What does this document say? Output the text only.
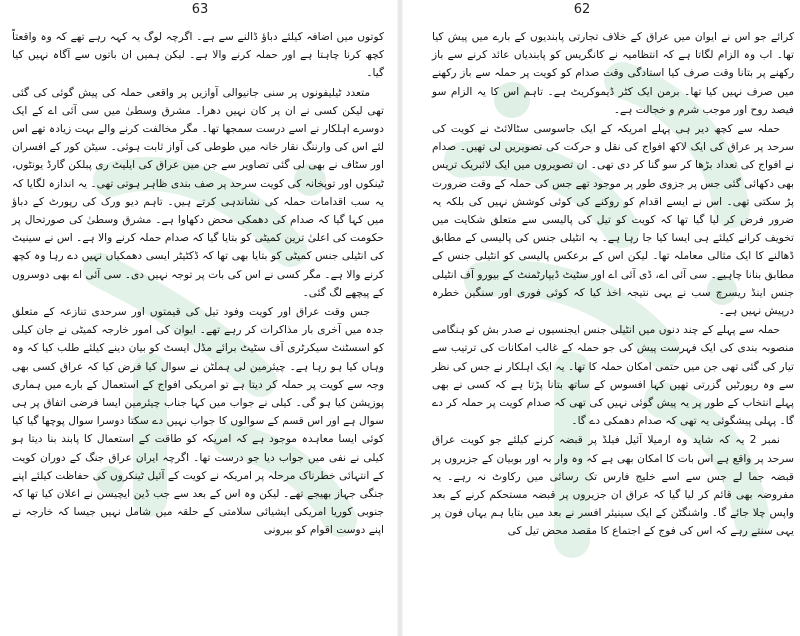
63

کوتوں میں اضافہ کیلئے دباؤ ڈالنے سے ہے۔ اگرچہ لوگ یہ کہہ رہے تھے کہ وہ واقعتاً کچھ کرنا چاہتا ہے اور حملہ کرنے والا ہے۔ لیکن ہمیں ان باتوں سے آگاہ نہیں کیا گیا۔

متعدد ٹیلیفونوں پر سنی جانیوالی آوازیں پر واقعی حملہ کی پیش گوئی کی گئی تھی لیکن کسی نے ان پر کان نہیں دھرا۔ مشرق وسطیٰ میں سی آئی اے کے ایک دوسرے اہلکار نے اسے درست سمجھا تھا۔ مگر مخالفت کرنے والے بہت زیادہ تھے اس لئے اس کی وارننگ نقار خانہ میں طوطی کی آواز ثابت ہوئی۔ سیٹن کور کے افسران اور سٹاف نے بھی لی گئی تصاویر سے جن میں عراق کی ایلیٹ ری پبلکن گارڈ یونٹوں، ٹینکوں اور توپخانہ کی کویت سرحد پر صف بندی ظاہر ہوتی تھی۔ یہ اندازہ لگایا کہ یہ سب اقدامات حملہ کی نشاندہی کرتے ہیں۔ تاہم دیو ورک کی رپورٹ کے دباؤ میں کہا گیا کہ صدام کی دھمکی محض دکھاوا ہے۔ مشرق وسطیٰ کی صورتحال پر حکومت کی اعلیٰ ترین کمیٹی کو بتایا گیا کہ صدام حملہ کرنے والا ہے۔ اس نے سینیٹ کی انٹیلی جنس کمیٹی کو بتایا بھی تھا کہ ڈکٹیٹر ایسی دھمکیاں نہیں دے رہا وہ کچھ کرنے والا ہے۔ مگر کسی نے اس کی بات پر توجہ نہیں دی۔ سی آئی اے بھی دوسروں کے پیچھے لگ گئی۔

جس وقت عراق اور کویت وفود تیل کی قیمتوں اور سرحدی تنازعہ کے متعلق جدہ میں آخری بار مذاکرات کر رہے تھے۔ ایوان کی امور خارجہ کمیٹی نے جان کیلی کو اسسٹنٹ سیکرٹری آف سٹیٹ برائے مڈل ایسٹ کو بیان دینے کیلئے طلب کیا کہ وہ وہاں کیا ہو رہا ہے۔ چیئرمین لی ہملٹن نے سوال کیا فرض کیا کہ عراق کسی بھی وجہ سے کویت پر حملہ کر دیتا ہے تو امریکی افواج کے استعمال کے بارے میں ہماری پوزیشن کیا ہو گی۔ کیلی نے جواب میں کہا جناب چیئرمین ایسا فرضی اتفاق پر ہی سوال ہے اور اس قسم کے سوالوں کا جواب نہیں دے سکتا دوسرا سوال پوچھا گیا کیا کوئی ایسا معاہدہ موجود ہے کہ امریکہ کو طاقت کے استعمال کا پابند بنا دیتا ہو کیلی نے نفی میں جواب دیا جو درست تھا۔ اگرچہ ایران عراق جنگ کے دوران کویت کے انتہائی خطرناک مرحلہ پر امریکہ نے کویت کے آئیل ٹینکروں کی حفاظت کیلئے اپنے جنگی جہاز بھیجے تھے۔ لیکن وہ اس کے بعد سے جب ڈین ایچیسن نے اعلان کیا تھا کہ جنوبی کوریا امریکی ایشیائی سلامتی کے حلقہ میں شامل نہیں جیسا کہ خارجہ نے اپنے دوست اقوام کو بیرونی

62

کرائے جو اس نے ایوان میں عراق کے خلاف تجارتی پابندیوں کے بارے میں پیش کیا تھا۔ اب وہ الزام لگاتا ہے کہ انتظامیہ نے کانگریس کو پابندیاں عائد کرنے سے باز رکھنے پر بتانا وقت صرف کیا استادگی وقت صدام کو کویت پر حملہ سے باز رکھنے میں صرف نہیں کیا تھا۔ برمن ایک کٹر ڈیموکریٹ ہے۔ تاہم اس کا یہ الزام سو فیصد روح اور موجب شرم و خجالت ہے۔

حملہ سے کچھ دیر ہی پہلے امریکہ کے ایک جاسوسی سٹالائٹ نے کویت کی سرحد پر عراق کی ایک لاکھ افواج کی نقل و حرکت کی تصویریں لی تھیں۔ صدام نے افواج کی تعداد بڑھا کر سو گنا کر دی تھی۔ ان تصویروں میں ایک لائبریک تریس بھی دکھائی گئی جس پر جزوی طور پر موجود تھے جس کی حملہ کے وقت ضرورت پڑ سکتی تھی۔ اس نے ایسے اقدام کو روکنے کی کوئی کوشش نہیں کی بلکہ یہ ضرور فرض کر لیا گیا تھا کہ کویت کو تیل کی پالیسی سے متعلق شکایت میں تخویف کرانے کیلئے ہی ایسا کیا جا رہا ہے۔ یہ انٹیلی جنس کی پالیسی کے مطابق ڈھالنے کا ایک مثالی معاملہ تھا۔ لیکن اس کے برعکس پالیسی کو انٹیلی جنس کے مطابق بنانا چاہیے۔ سی آئی اے، ڈی آئی اے اور سٹیٹ ڈیپارٹمنٹ کے بیورو آف انٹیلی جنس اینڈ ریسرچ سب نے یہی نتیجہ اخذ کیا کہ کوئی فوری اور سنگین خطرہ درپیش نہیں ہے۔

حملہ سے پہلے کے چند دنوں میں انٹیلی جنس ایجنسیوں نے صدر بش کو ہنگامی منصوبہ بندی کی ایک فہرست پیش کی جو حملہ کے غالب امکانات کی ترتیب سے تیار کی گئی تھی جن میں حتمی امکان حملہ کا تھا۔ یہ ایک اہلکار نے جس کی نظر سے وہ رپورٹیں گزرتی تھیں کہا افسوس کے ساتھ بتانا پڑتا ہے کہ کسی نے بھی پہلے انتخاب کے طور پر یہ پیش گوئی نہیں کی تھی کہ صدام کویت پر حملہ کر دے گا۔ پہلی پیشگوئی یہ تھی کہ صدام دھمکی دے گا۔

نمبر 2 یہ کہ شاید وہ ارمیلا آئیل فیلڈ پر قبضہ کرنے کیلئے جو کویت عراق سرحد پر واقع ہے اس بات کا امکان بھی ہے کہ وہ وار بہ اور بوبیان کے جزیروں پر قبضہ جما لے جس سے اسے خلیج فارس تک رسائی میں رکاوٹ نہ رہے۔ یہ مفروضہ بھی قائم کر لیا گیا کہ عراق ان جزیروں پر قبضہ مستحکم کرنے کے بعد واپس چلا جائے گا۔ واشنگٹن کے ایک سینیئر افسر نے بعد میں بتایا ہم یہاں فون پر یہی سنتے رہے کہ اس کی فوج کے اجتماع کا مقصد محض تیل کی
